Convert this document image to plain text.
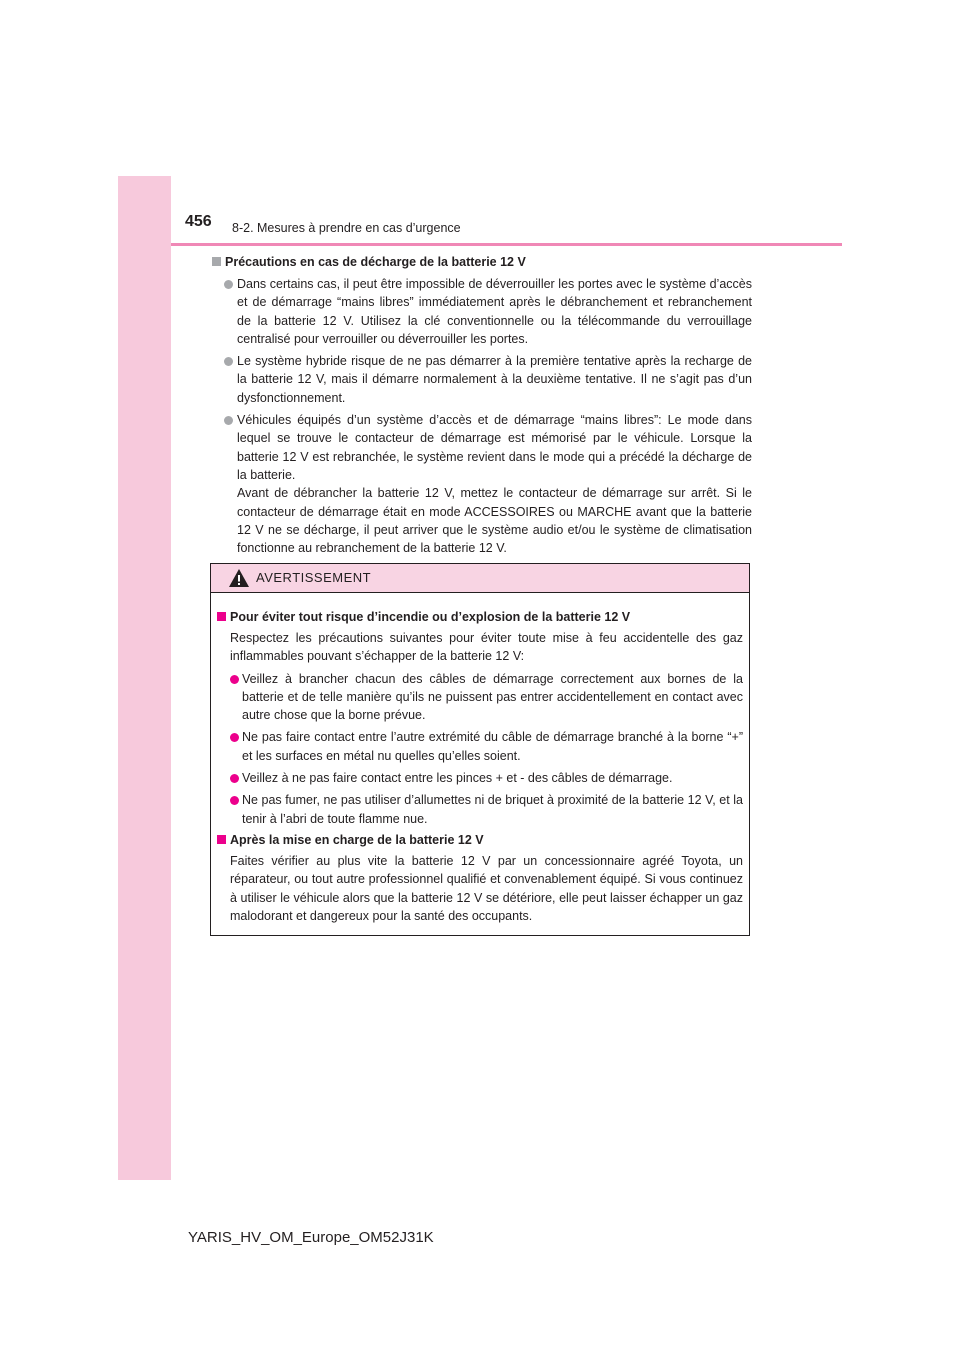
456 8-2. Mesures à prendre en cas d’urgence
Précautions en cas de décharge de la batterie 12 V
Dans certains cas, il peut être impossible de déverrouiller les portes avec le système d’accès et de démarrage “mains libres” immédiatement après le débranchement et rebranchement de la batterie 12 V. Utilisez la clé conventionnelle ou la télécommande du verrouillage centralisé pour verrouiller ou déverrouiller les portes.
Le système hybride risque de ne pas démarrer à la première tentative après la recharge de la batterie 12 V, mais il démarre normalement à la deuxième tentative. Il ne s’agit pas d’un dysfonctionnement.
Véhicules équipés d’un système d’accès et de démarrage “mains libres”: Le mode dans lequel se trouve le contacteur de démarrage est mémorisé par le véhicule. Lorsque la batterie 12 V est rebranchée, le système revient dans le mode qui a précédé la décharge de la batterie.
Avant de débrancher la batterie 12 V, mettez le contacteur de démarrage sur arrêt. Si le contacteur de démarrage était en mode ACCESSOIRES ou MARCHE avant que la batterie 12 V ne se décharge, il peut arriver que le système audio et/ou le système de climatisation fonctionne au rebranchement de la batterie 12 V.
AVERTISSEMENT
Pour éviter tout risque d’incendie ou d’explosion de la batterie 12 V
Respectez les précautions suivantes pour éviter toute mise à feu accidentelle des gaz inflammables pouvant s’échapper de la batterie 12 V:
Veillez à brancher chacun des câbles de démarrage correctement aux bornes de la batterie et de telle manière qu’ils ne puissent pas entrer accidentellement en contact avec autre chose que la borne prévue.
Ne pas faire contact entre l’autre extrémité du câble de démarrage branché à la borne “+” et les surfaces en métal nu quelles qu’elles soient.
Veillez à ne pas faire contact entre les pinces + et - des câbles de démarrage.
Ne pas fumer, ne pas utiliser d’allumettes ni de briquet à proximité de la batterie 12 V, et la tenir à l’abri de toute flamme nue.
Après la mise en charge de la batterie 12 V
Faites vérifier au plus vite la batterie 12 V par un concessionnaire agréé Toyota, un réparateur, ou tout autre professionnel qualifié et convenablement équipé. Si vous continuez à utiliser le véhicule alors que la batterie 12 V se détériore, elle peut laisser échapper un gaz malodorant et dangereux pour la santé des occupants.
YARIS_HV_OM_Europe_OM52J31K
